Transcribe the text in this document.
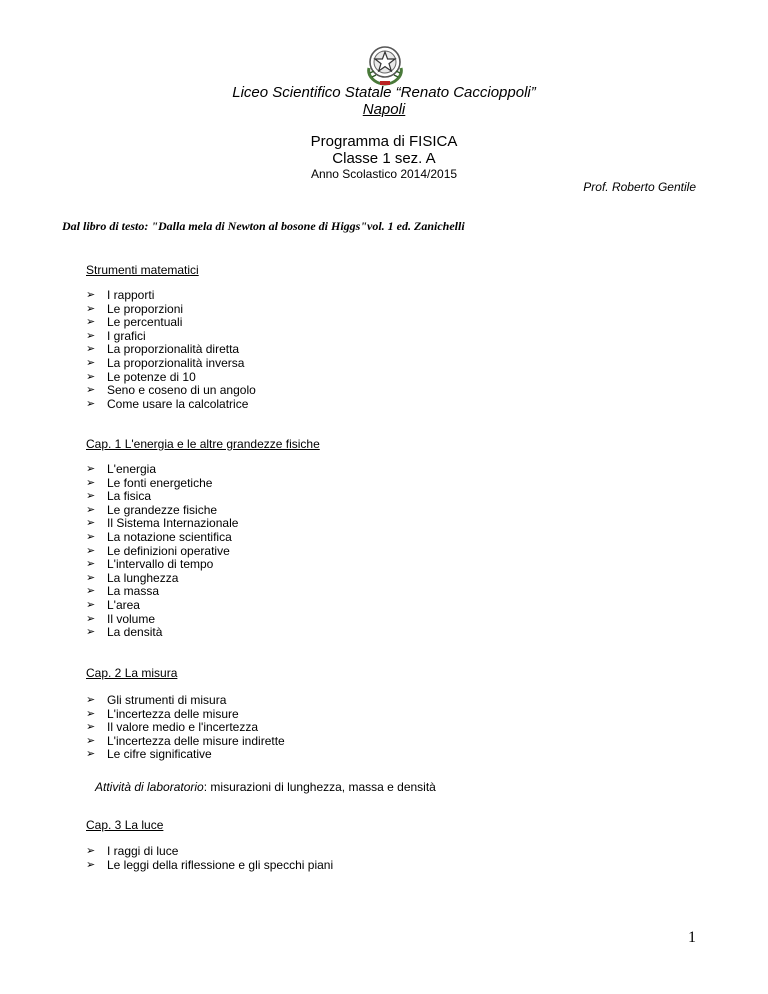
Liceo Scientifico Statale “Renato Caccioppoli”
Napoli
Programma di FISICA
Classe 1 sez. A
Anno Scolastico 2014/2015
Prof. Roberto Gentile
Dal libro di testo: "Dalla mela di Newton al bosone di Higgs"vol. 1 ed. Zanichelli
Strumenti matematici
➢ I rapporti
➢ Le proporzioni
➢ Le percentuali
➢ I grafici
➢ La proporzionalità diretta
➢ La proporzionalità inversa
➢ Le potenze di 10
➢ Seno e coseno di un angolo
➢ Come usare la calcolatrice
Cap. 1 L'energia e le altre grandezze fisiche
➢ L'energia
➢ Le fonti energetiche
➢ La fisica
➢ Le grandezze fisiche
➢ Il Sistema Internazionale
➢ La notazione scientifica
➢ Le definizioni operative
➢ L'intervallo di tempo
➢ La lunghezza
➢ La massa
➢ L'area
➢ Il volume
➢ La densità
Cap. 2 La misura
➢ Gli strumenti di misura
➢ L'incertezza delle misure
➢ Il valore medio e l'incertezza
➢ L'incertezza delle misure indirette
➢ Le cifre significative
Attività di laboratorio: misurazioni di lunghezza, massa e densità
Cap. 3 La luce
➢ I raggi di luce
➢ Le leggi della riflessione e gli specchi piani
1
